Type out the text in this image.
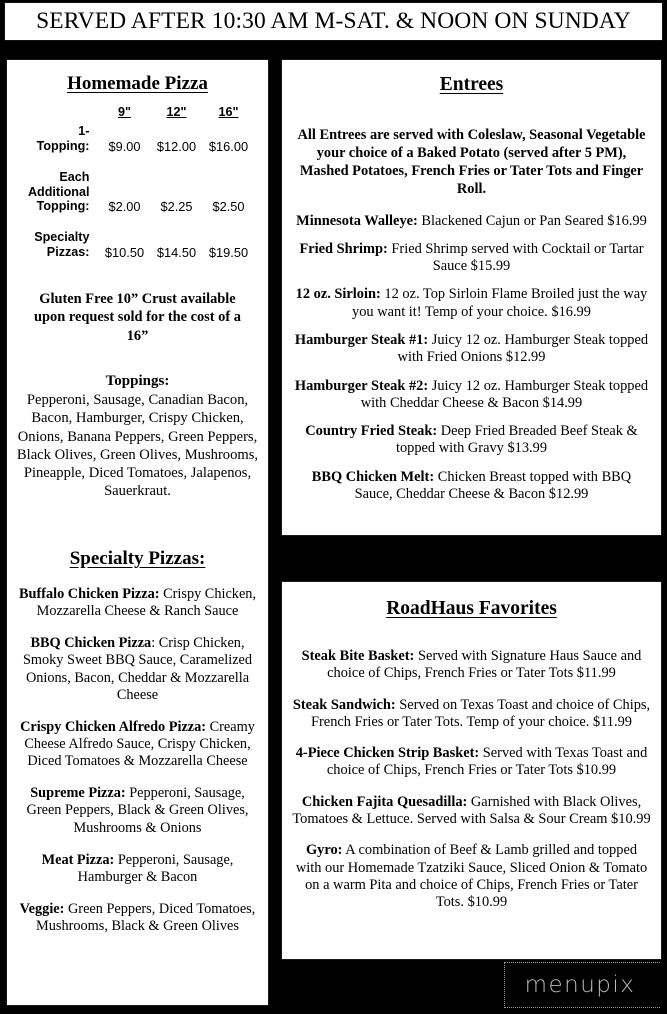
SERVED AFTER 10:30 AM M-SAT. & NOON ON SUNDAY
Homemade Pizza
	9"	12"	16"

1-
Topping:	$9.00	$12.00	$16.00

Each
Additional
Topping:	$2.00	$2.25	$2.50

Specialty
Pizzas:	$10.50	$14.50	$19.50
Gluten Free 10” Crust available upon request sold for the cost of a 16”
Toppings:
Pepperoni, Sausage, Canadian Bacon, Bacon, Hamburger, Crispy Chicken, Onions, Banana Peppers, Green Peppers, Black Olives, Green Olives, Mushrooms, Pineapple, Diced Tomatoes, Jalapenos, Sauerkraut.
Specialty Pizzas:
Buffalo Chicken Pizza: Crispy Chicken, Mozzarella Cheese & Ranch Sauce
BBQ Chicken Pizza: Crisp Chicken, Smoky Sweet BBQ Sauce, Caramelized Onions, Bacon, Cheddar & Mozzarella Cheese
Crispy Chicken Alfredo Pizza: Creamy Cheese Alfredo Sauce, Crispy Chicken, Diced Tomatoes & Mozzarella Cheese
Supreme Pizza: Pepperoni, Sausage, Green Peppers, Black & Green Olives, Mushrooms & Onions
Meat Pizza: Pepperoni, Sausage, Hamburger & Bacon
Veggie: Green Peppers, Diced Tomatoes, Mushrooms, Black & Green Olives
Entrees
All Entrees are served with Coleslaw, Seasonal Vegetable your choice of a Baked Potato (served after 5 PM), Mashed Potatoes, French Fries or Tater Tots and Finger Roll.
Minnesota Walleye: Blackened Cajun or Pan Seared $16.99
Fried Shrimp: Fried Shrimp served with Cocktail or Tartar Sauce $15.99
12 oz. Sirloin: 12 oz. Top Sirloin Flame Broiled just the way you want it! Temp of your choice. $16.99
Hamburger Steak #1: Juicy 12 oz. Hamburger Steak topped with Fried Onions $12.99
Hamburger Steak #2: Juicy 12 oz. Hamburger Steak topped with Cheddar Cheese & Bacon $14.99
Country Fried Steak: Deep Fried Breaded Beef Steak & topped with Gravy $13.99
BBQ Chicken Melt: Chicken Breast topped with BBQ Sauce, Cheddar Cheese & Bacon $12.99
RoadHaus Favorites
Steak Bite Basket: Served with Signature Haus Sauce and choice of Chips, French Fries or Tater Tots $11.99
Steak Sandwich: Served on Texas Toast and choice of Chips, French Fries or Tater Tots. Temp of your choice. $11.99
4-Piece Chicken Strip Basket: Served with Texas Toast and choice of Chips, French Fries or Tater Tots $10.99
Chicken Fajita Quesadilla: Garnished with Black Olives, Tomatoes & Lettuce. Served with Salsa & Sour Cream $10.99
Gyro: A combination of Beef & Lamb grilled and topped with our Homemade Tzatziki Sauce, Sliced Onion & Tomato on a warm Pita and choice of Chips, French Fries or Tater Tots. $10.99
menupix
